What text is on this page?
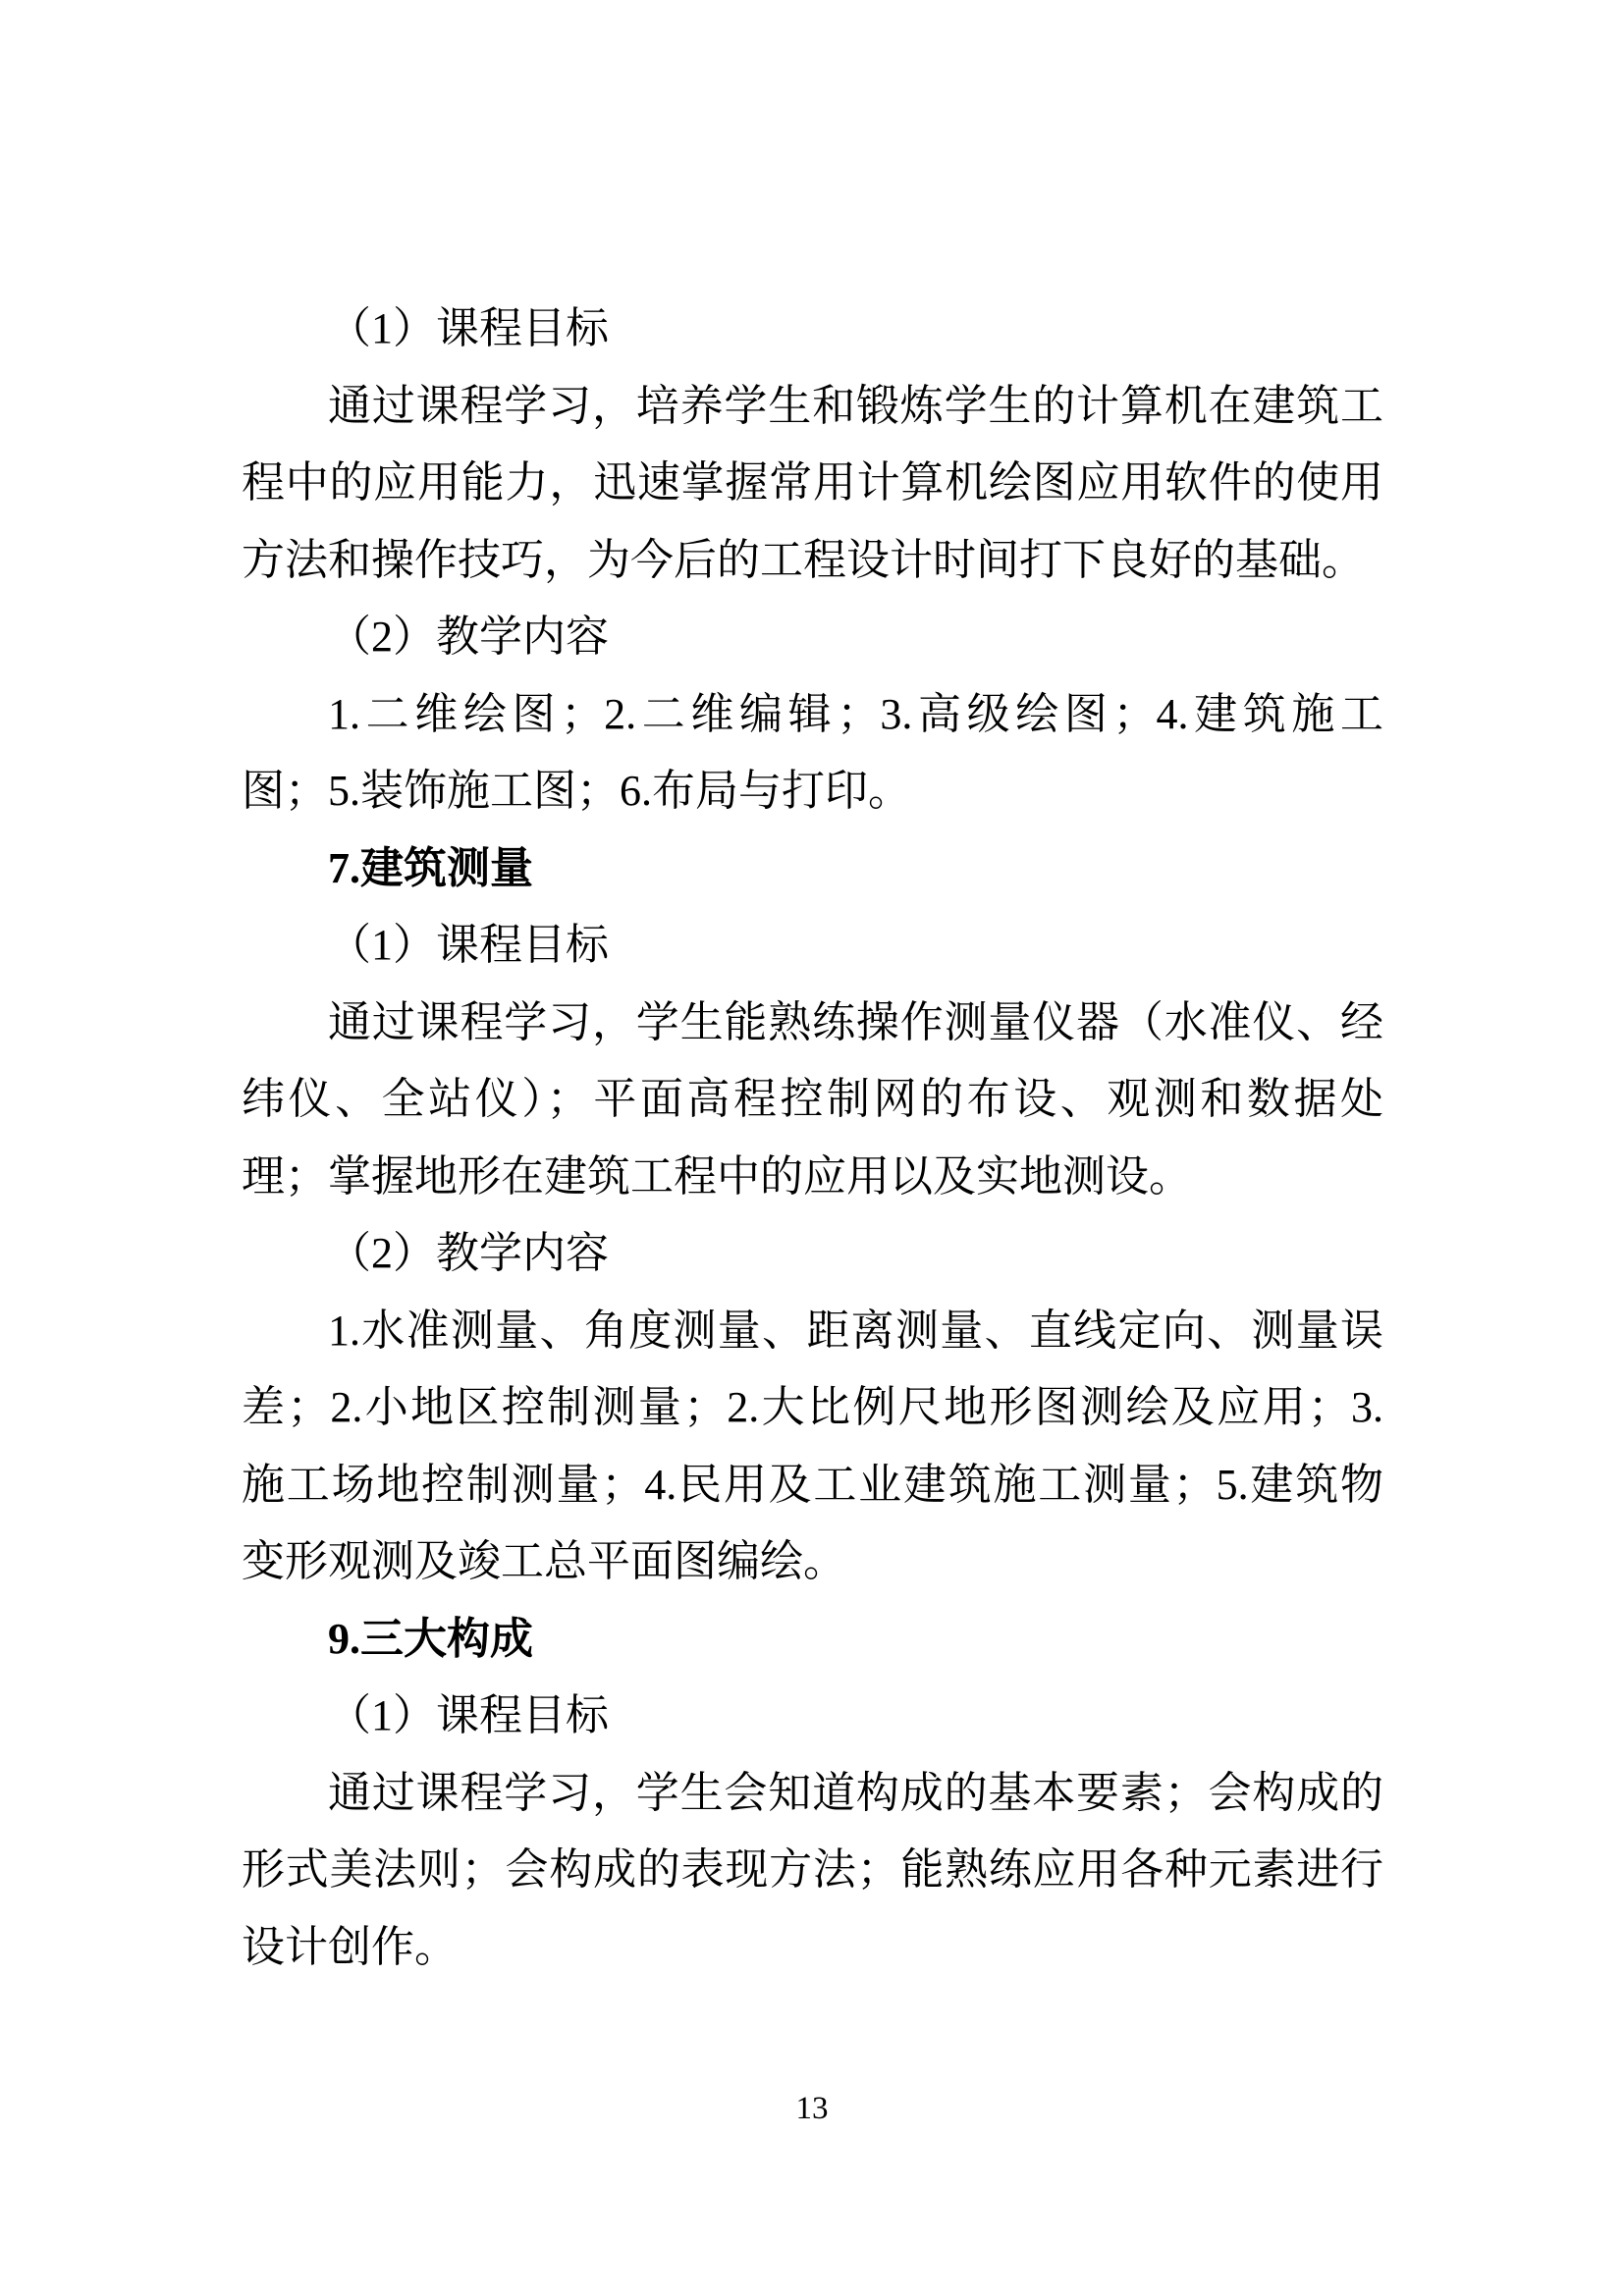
（1）课程目标
通过课程学习，培养学生和锻炼学生的计算机在建筑工
程中的应用能力，迅速掌握常用计算机绘图应用软件的使用
方法和操作技巧，为今后的工程设计时间打下良好的基础。
（2）教学内容
1.二维绘图；2.二维编辑；3.高级绘图；4.建筑施工
图；5.装饰施工图；6.布局与打印。
7.建筑测量
（1）课程目标
通过课程学习，学生能熟练操作测量仪器（水准仪、经
纬仪、全站仪）；平面高程控制网的布设、观测和数据处
理；掌握地形在建筑工程中的应用以及实地测设。
（2）教学内容
1.水准测量、角度测量、距离测量、直线定向、测量误
差；2.小地区控制测量；2.大比例尺地形图测绘及应用；3.
施工场地控制测量；4.民用及工业建筑施工测量；5.建筑物
变形观测及竣工总平面图编绘。
9.三大构成
（1）课程目标
通过课程学习，学生会知道构成的基本要素；会构成的
形式美法则；会构成的表现方法；能熟练应用各种元素进行
设计创作。
13
